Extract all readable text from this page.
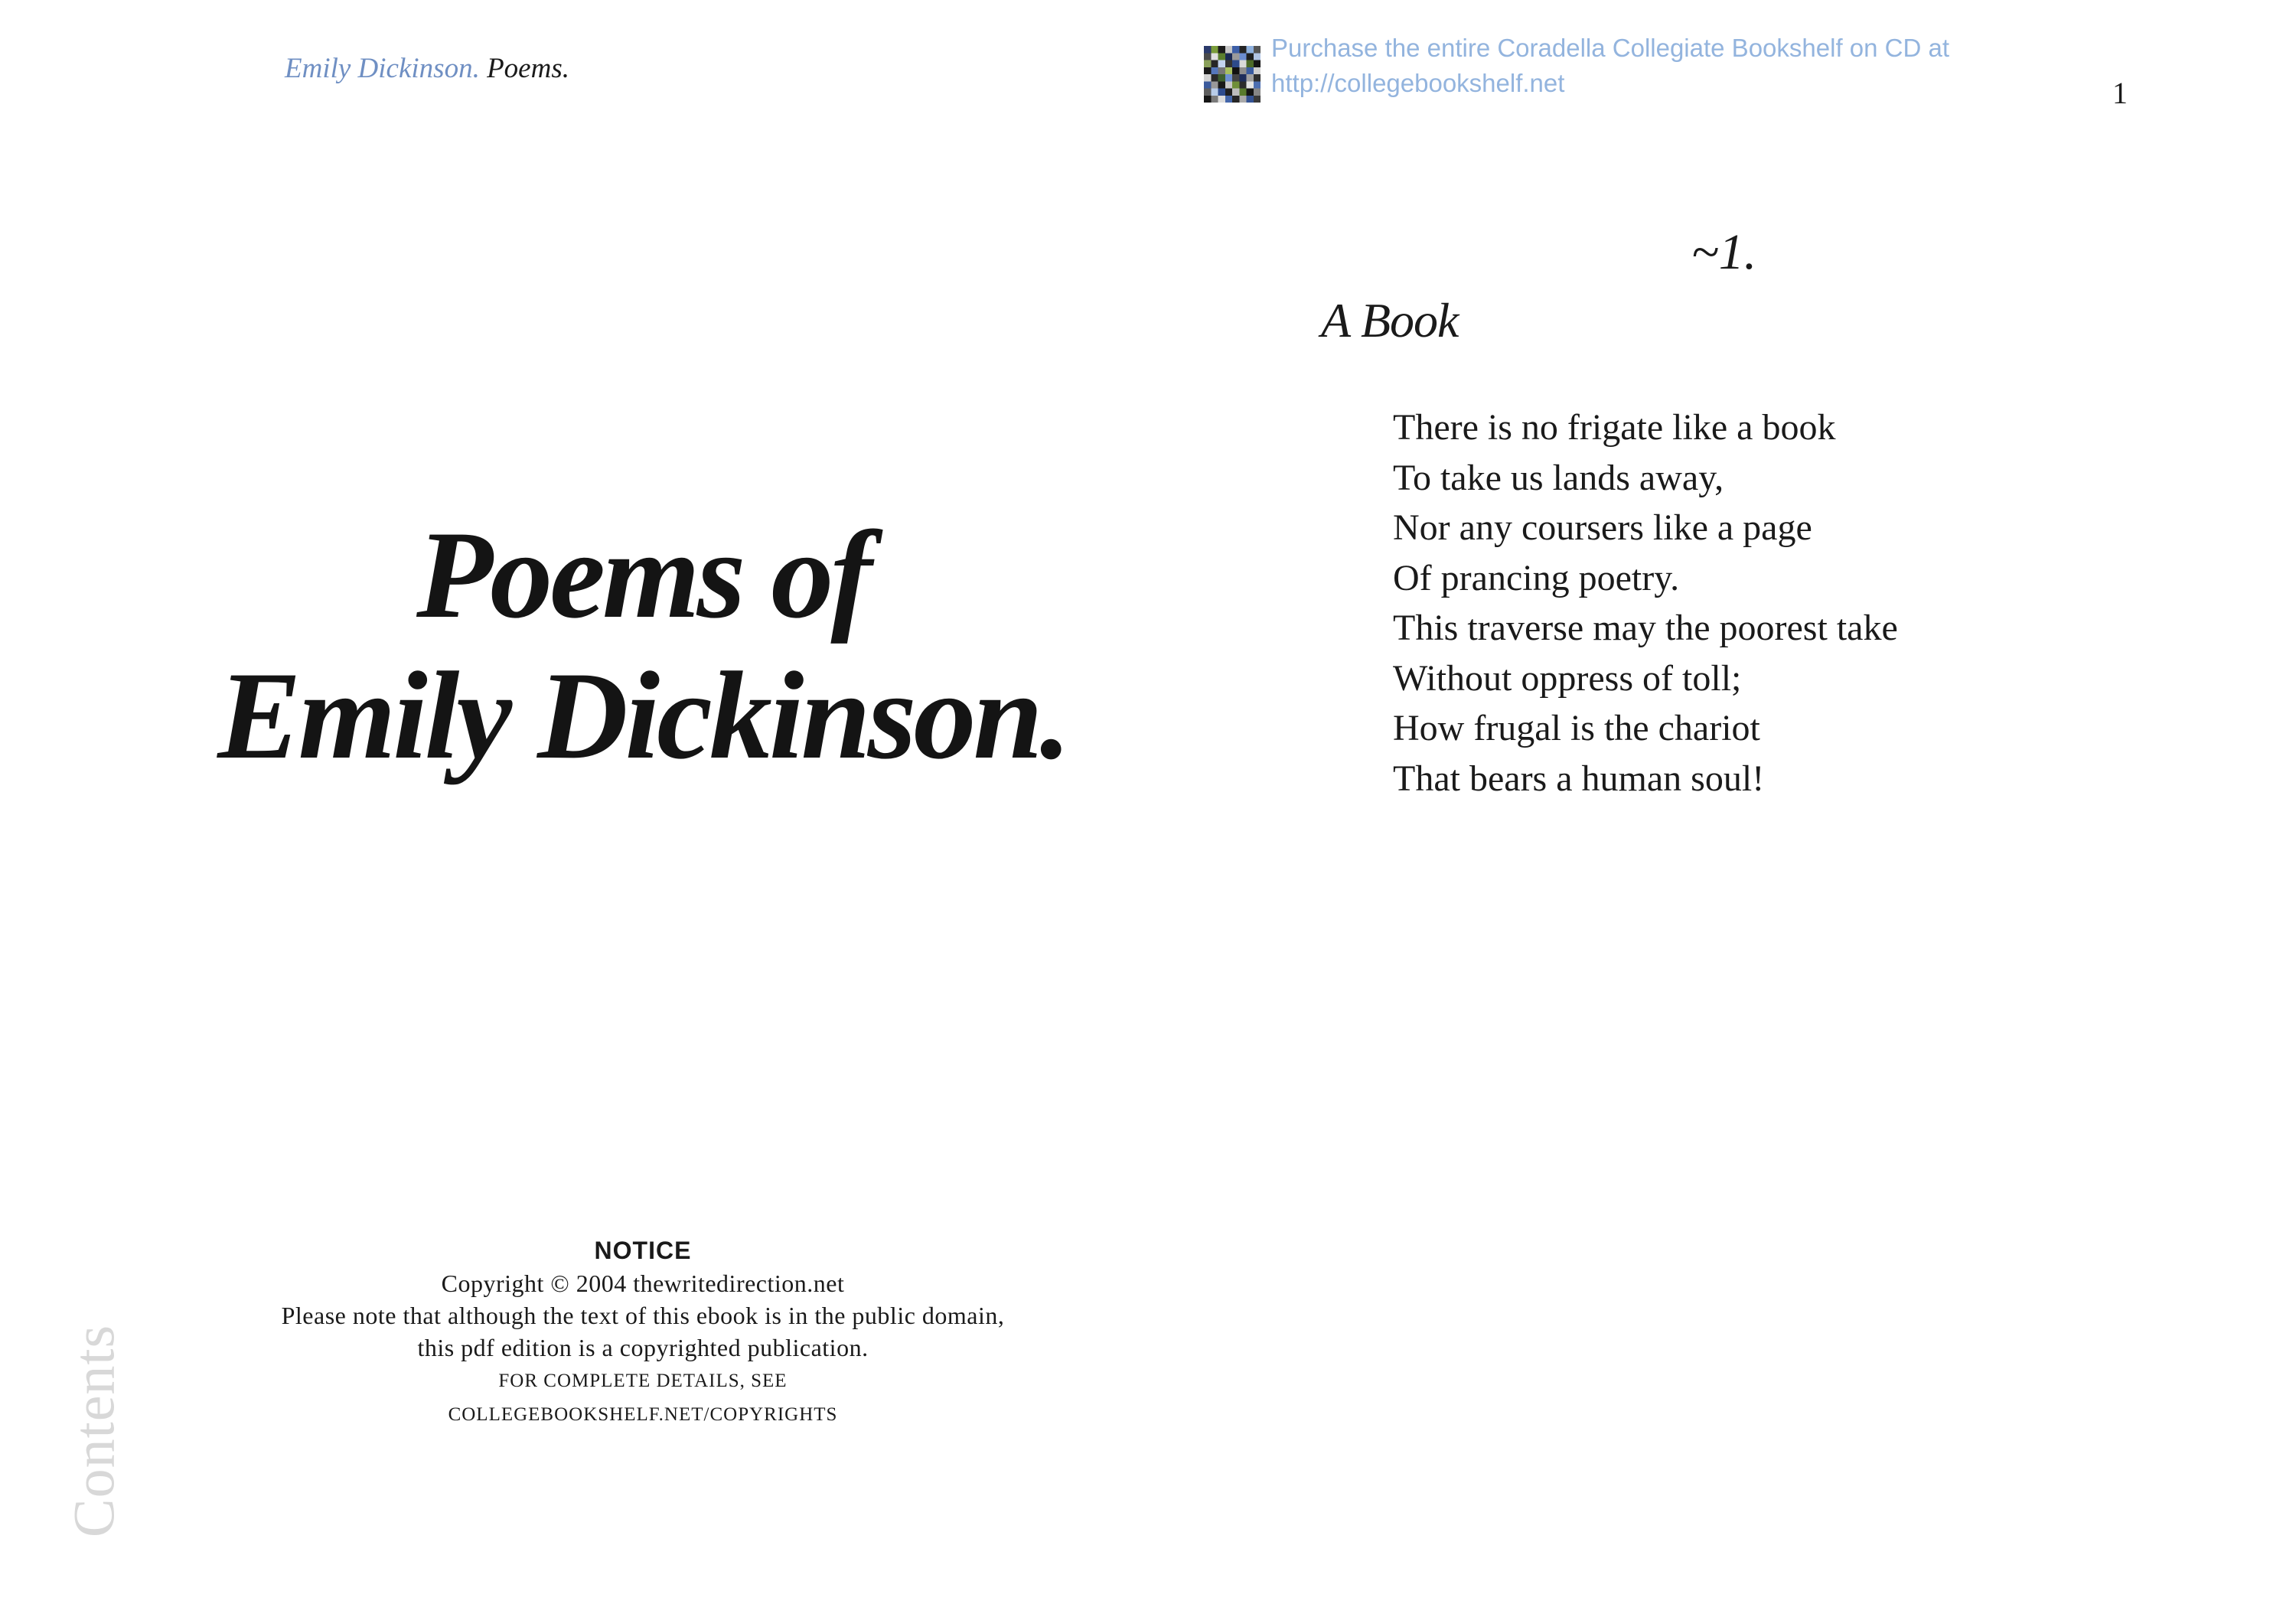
Emily Dickinson. Poems.
Purchase the entire Coradella Collegiate Bookshelf on CD at
http://collegebookshelf.net	1
Poems of
Emily Dickinson.
NOTICE
Copyright © 2004 thewritedirection.net
Please note that although the text of this ebook is in the public domain,
this pdf edition is a copyrighted publication.
FOR COMPLETE DETAILS, SEE
COLLEGEBOOKSHELF.NET/COPYRIGHTS
Contents
~1.
A Book
There is no frigate like a book
To take us lands away,
Nor any coursers like a page
Of prancing poetry.
This traverse may the poorest take
Without oppress of toll;
How frugal is the chariot
That bears a human soul!
